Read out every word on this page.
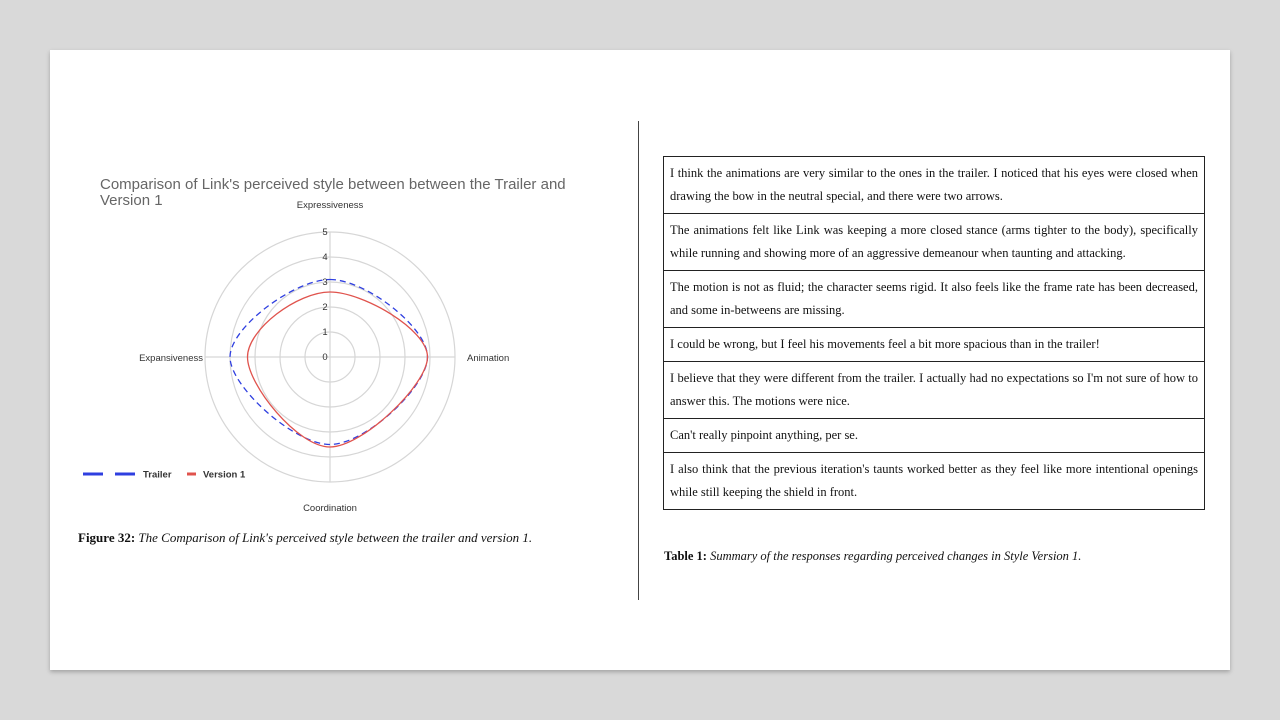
Comparison of Link's perceived style between between the Trailer and Version 1
0
1
2
3
4
5
Expressiveness
Animation
Coordination
Expansiveness
Trailer	Version 1
Figure 32: The Comparison of Link's perceived style between the trailer and version 1.
I think the animations are very similar to the ones in the trailer. I noticed that his eyes were closed when drawing the bow in the neutral special, and there were two arrows.
The animations felt like Link was keeping a more closed stance (arms tighter to the body), specifically while running and showing more of an aggressive demeanour when taunting and attacking.
The motion is not as fluid; the character seems rigid. It also feels like the frame rate has been decreased, and some in-betweens are missing.
I could be wrong, but I feel his movements feel a bit more spacious than in the trailer!
I believe that they were different from the trailer. I actually had no expectations so I'm not sure of how to answer this. The motions were nice.
Can't really pinpoint anything, per se.
I also think that the previous iteration's taunts worked better as they feel like more intentional openings while still keeping the shield in front.
Table 1: Summary of the responses regarding perceived changes in Style Version 1.
